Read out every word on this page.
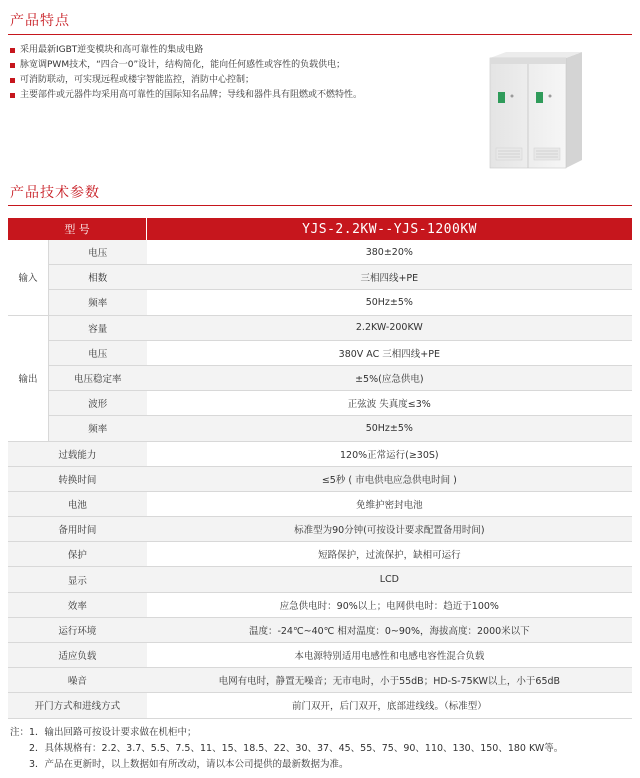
产品特点
采用最新IGBT逆变模块和高可靠性的集成电路
脉宽调PWM技术，“四合一0”设计，结构简化，能向任何感性或容性的负载供电；
可消防联动，可实现远程或楼宇智能监控，消防中心控制；
主要部件或元器件均采用高可靠性的国际知名品牌；导线和器件具有阻燃或不燃特性。
产品技术参数
型 号		YJS-2.2KW--YJS-1200KW
输入	电压	380±20%
	相数	三相四线+PE
	频率	50Hz±5%
输出	容量	2.2KW-200KW
	电压	380V AC 三相四线+PE
	电压稳定率	±5%(应急供电)
	波形	正弦波 失真度≤3%
	频率	50Hz±5%
过载能力		120%正常运行(≥30S)
转换时间		≤5秒 ( 市电供电应急供电时间 )
电池		免维护密封电池
备用时间		标准型为90分钟(可按设计要求配置备用时间)
保护		短路保护，过流保护，缺相可运行
显示		LCD
效率		应急供电时：90%以上；电网供电时：趋近于100%
运行环境		温度：-24℃~40℃ 相对温度：0~90%，海拔高度：2000米以下
适应负载		本电源特别适用电感性和电感电容性混合负载
噪音		电网有电时，静置无噪音；无市电时，小于55dB；HD-S-75KW以上，小于65dB
开门方式和进线方式		前门双开，后门双开，底部进线线。（标准型）
注：1．输出回路可按设计要求做在机柜中；
　　2．具体规格有：2.2、3.7、5.5、7.5、11、15、18.5、22、30、37、45、55、75、90、110、130、150、180 KW等。
　　3．产品在更新时，以上数据如有所改动，请以本公司提供的最新数据为准。
